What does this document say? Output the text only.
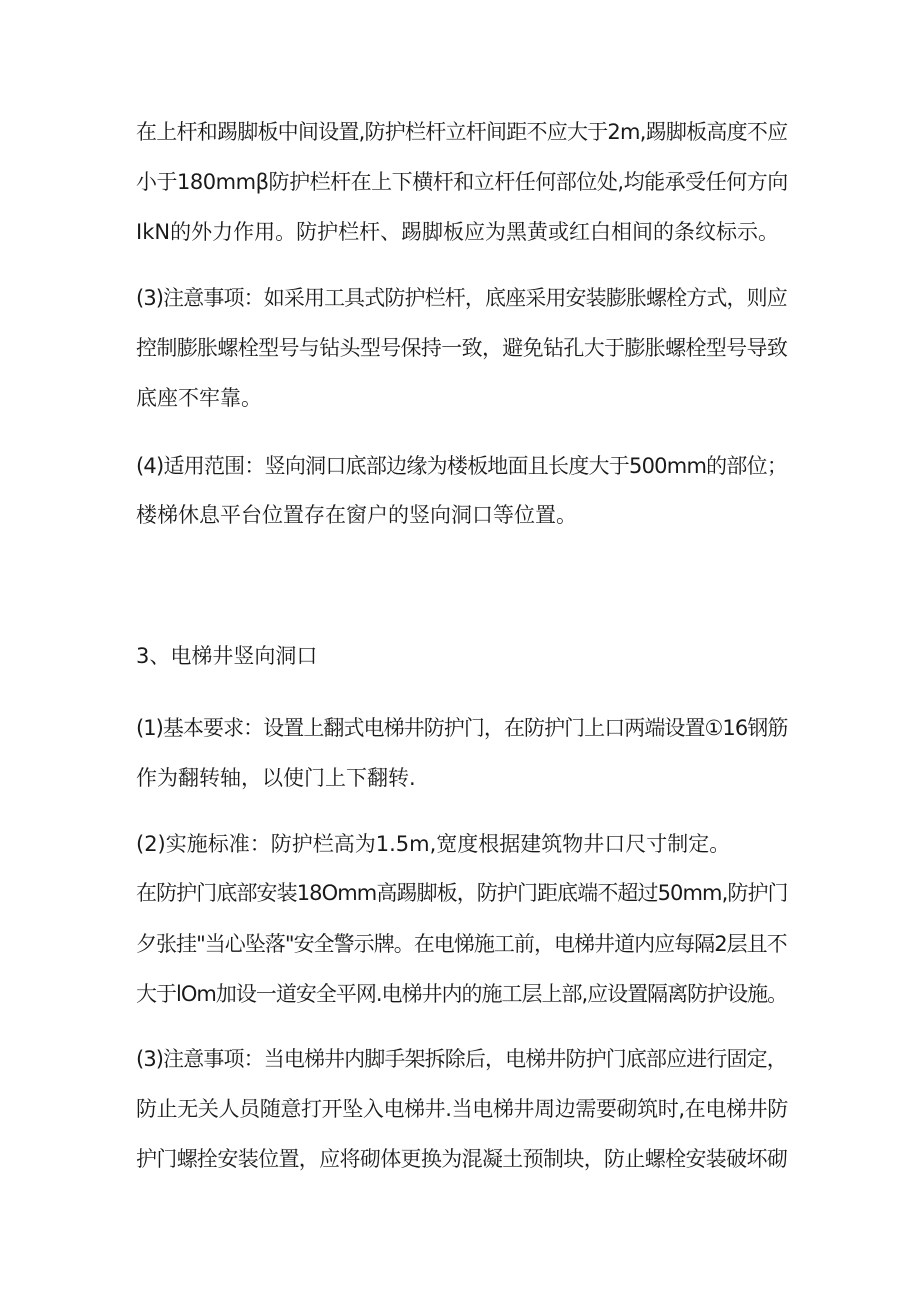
在上杆和踢脚板中间设置,防护栏杆立杆间距不应大于2m,踢脚板高度不应
小于180mmβ防护栏杆在上下横杆和立杆任何部位处,均能承受任何方向
IkN的外力作用。防护栏杆、踢脚板应为黑黄或红白相间的条纹标示。
(3)注意事项：如采用工具式防护栏杆，底座采用安装膨胀螺栓方式，则应
控制膨胀螺栓型号与钻头型号保持一致，避免钻孔大于膨胀螺栓型号导致
底座不牢靠。
(4)适用范围：竖向洞口底部边缘为楼板地面且长度大于500mm的部位；
楼梯休息平台位置存在窗户的竖向洞口等位置。
3、电梯井竖向洞口
(1)基本要求：设置上翻式电梯井防护门，在防护门上口两端设置①16钢筋
作为翻转轴，以使门上下翻转.
(2)实施标准：防护栏高为1.5m,宽度根据建筑物井口尺寸制定。
在防护门底部安装18Omm高踢脚板，防护门距底端不超过50mm,防护门
夕张挂"当心坠落"安全警示牌。在电悌施工前，电梯井道内应每隔2层且不
大于lOm加设一道安全平网.电梯井内的施工层上部,应设置隔离防护设施。
(3)注意事项：当电梯井内脚手架拆除后，电梯井防护门底部应进行固定，
防止无关人员随意打开坠入电梯井.当电梯井周边需要砌筑时,在电梯井防
护门螺拴安装位置，应将砌体更换为混凝土预制块，防止螺栓安装破坏砌
